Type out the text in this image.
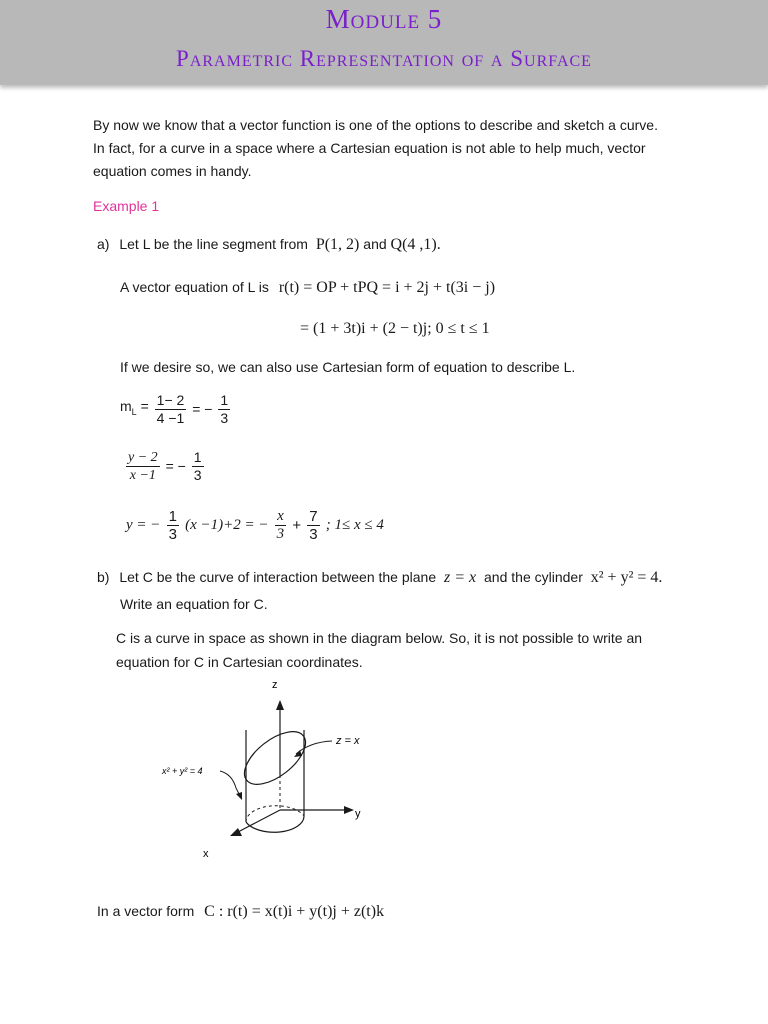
Module 5
Parametric Representation of a Surface
By now we know that a vector function is one of the options to describe and sketch a curve.
In fact, for a curve in a space where a Cartesian equation is not able to help much, vector
equation comes in handy.
Example 1
a) Let L be the line segment from P(1, 2) and Q(4 ,1).
A vector equation of L is r(t) = OP + tPQ = i + 2j + t(3i − j)
= (1 + 3t)i + (2 − t)j; 0 ≤ t ≤ 1
If we desire so, we can also use Cartesian form of equation to describe L.
$m_L = \frac{1- 2}{4 -1}$ = − $\frac{1}{3}$
$\frac{y - 2}{x -1}$ = − $\frac{1}{3}$
y = − $\frac{1}{3} (x -1)+2$ = − $\frac{x}{3} + \frac{7}{3}$ ; 1≤ x ≤ 4
b) Let C be the curve of interaction between the plane z = x and the cylinder x² + y² = 4.
Write an equation for C.
C is a curve in space as shown in the diagram below. So, it is not possible to write an
equation for C in Cartesian coordinates.
z
y
x
z = x
x² + y² = 4
In a vector form C : r(t) = x(t)i + y(t)j + z(t)k
